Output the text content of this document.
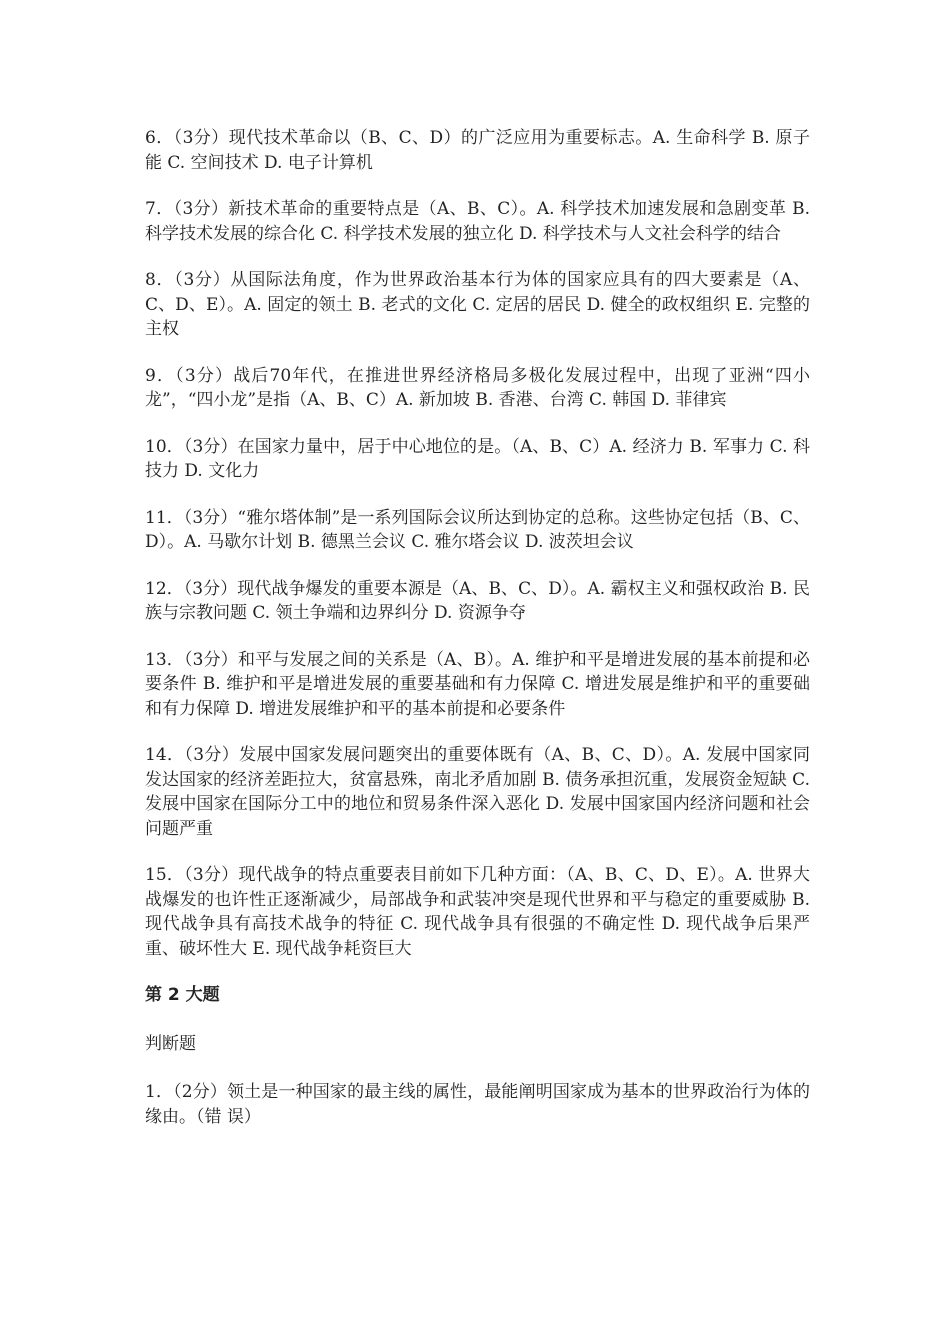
6．（3分）现代技术革命以（B、C、D）的广泛应用为重要标志。A. 生命科学 B. 原子能 C. 空间技术 D. 电子计算机

7．（3分）新技术革命的重要特点是（A、B、C）。A. 科学技术加速发展和急剧变革 B. 科学技术发展的综合化 C. 科学技术发展的独立化 D. 科学技术与人文社会科学的结合

8．（3分）从国际法角度，作为世界政治基本行为体的国家应具有的四大要素是（A、C、D、E）。A. 固定的领土 B. 老式的文化 C. 定居的居民 D. 健全的政权组织 E. 完整的主权

9．（3分）战后70年代，在推进世界经济格局多极化发展过程中，出现了亚洲“四小龙”，“四小龙”是指（A、B、C）A. 新加坡 B. 香港、台湾 C. 韩国 D. 菲律宾

10．（3分）在国家力量中，居于中心地位的是。（A、B、C）A. 经济力 B. 军事力 C. 科技力 D. 文化力

11．（3分）“雅尔塔体制”是一系列国际会议所达到协定的总称。这些协定包括（B、C、D）。A. 马歇尔计划 B. 德黑兰会议 C. 雅尔塔会议 D. 波茨坦会议

12．（3分）现代战争爆发的重要本源是（A、B、C、D）。A. 霸权主义和强权政治 B. 民族与宗教问题 C. 领土争端和边界纠分 D. 资源争夺

13．（3分）和平与发展之间的关系是（A、B）。A. 维护和平是增进发展的基本前提和必要条件 B. 维护和平是增进发展的重要基础和有力保障 C. 增进发展是维护和平的重要础和有力保障 D. 增进发展维护和平的基本前提和必要条件

14．（3分）发展中国家发展问题突出的重要体既有（A、B、C、D）。A. 发展中国家同发达国家的经济差距拉大，贫富悬殊，南北矛盾加剧 B. 债务承担沉重，发展资金短缺 C. 发展中国家在国际分工中的地位和贸易条件深入恶化 D. 发展中国家国内经济问题和社会问题严重

15．（3分）现代战争的特点重要表目前如下几种方面：（A、B、C、D、E）。A. 世界大战爆发的也许性正逐渐减少，局部战争和武装冲突是现代世界和平与稳定的重要威胁 B. 现代战争具有高技术战争的特征 C. 现代战争具有很强的不确定性 D. 现代战争后果严重、破坏性大 E. 现代战争耗资巨大

第 2 大题
判断题

1．（2分）领土是一种国家的最主线的属性，最能阐明国家成为基本的世界政治行为体的缘由。（错 误）
